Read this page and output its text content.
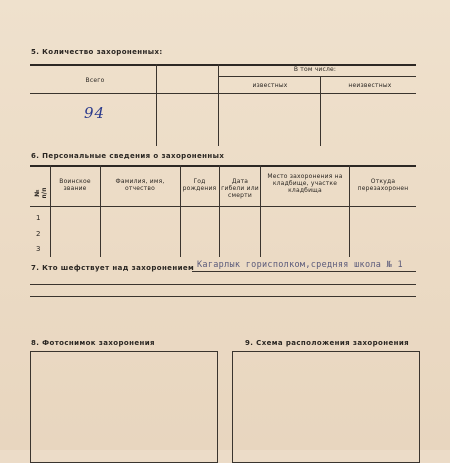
5. Количество захороненных:
Всего
В том числе:
известных	неизвестных
94
6. Персональные сведения о захороненных
№ п/п
Воинское звание
Фамилия, имя, отчество
Год рождения
Дата гибели или смерти
Место захоронения на кладбище, участке кладбища
Откуда перезахоронен
1
2
3
7. Кто шефствует над захоронением Кагарлык горисполком,средняя школа № 1
8. Фотоснимок захоронения	9. Схема расположения захоронения
